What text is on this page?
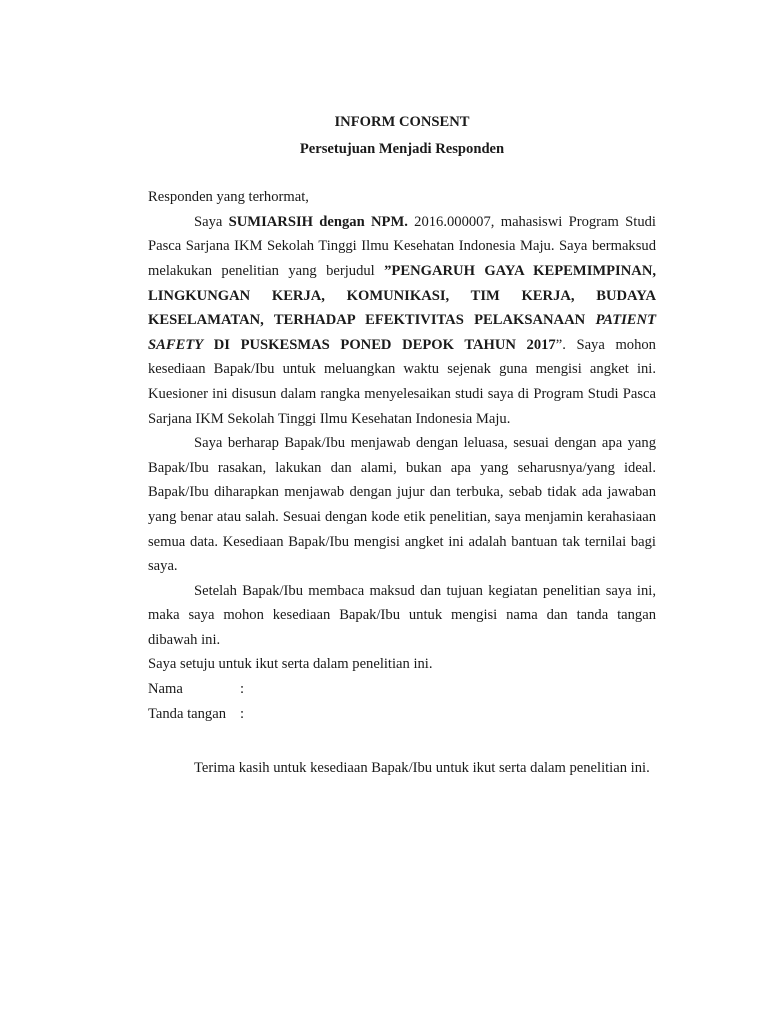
INFORM CONSENT

Persetujuan Menjadi Responden

Responden yang terhormat,

Saya SUMIARSIH dengan NPM. 2016.000007, mahasiswi Program Studi Pasca Sarjana IKM Sekolah Tinggi Ilmu Kesehatan Indonesia Maju. Saya bermaksud melakukan penelitian yang berjudul ”PENGARUH GAYA KEPEMIMPINAN, LINGKUNGAN KERJA, KOMUNIKASI, TIM KERJA, BUDAYA KESELAMATAN, TERHADAP EFEKTIVITAS PELAKSANAAN PATIENT SAFETY DI PUSKESMAS PONED DEPOK TAHUN 2017”. Saya mohon kesediaan Bapak/Ibu untuk meluangkan waktu sejenak guna mengisi angket ini. Kuesioner ini disusun dalam rangka menyelesaikan studi saya di Program Studi Pasca Sarjana IKM Sekolah Tinggi Ilmu Kesehatan Indonesia Maju.

Saya berharap Bapak/Ibu menjawab dengan leluasa, sesuai dengan apa yang Bapak/Ibu rasakan, lakukan dan alami, bukan apa yang seharusnya/yang ideal. Bapak/Ibu diharapkan menjawab dengan jujur dan terbuka, sebab tidak ada jawaban yang benar atau salah. Sesuai dengan kode etik penelitian, saya menjamin kerahasiaan semua data. Kesediaan Bapak/Ibu mengisi angket ini adalah bantuan tak ternilai bagi saya.

Setelah Bapak/Ibu membaca maksud dan tujuan kegiatan penelitian saya ini, maka saya mohon kesediaan Bapak/Ibu untuk mengisi nama dan tanda tangan dibawah ini.

Saya setuju untuk ikut serta dalam penelitian ini.

Nama	:
Tanda tangan :

Terima kasih untuk kesediaan Bapak/Ibu untuk ikut serta dalam penelitian ini.
